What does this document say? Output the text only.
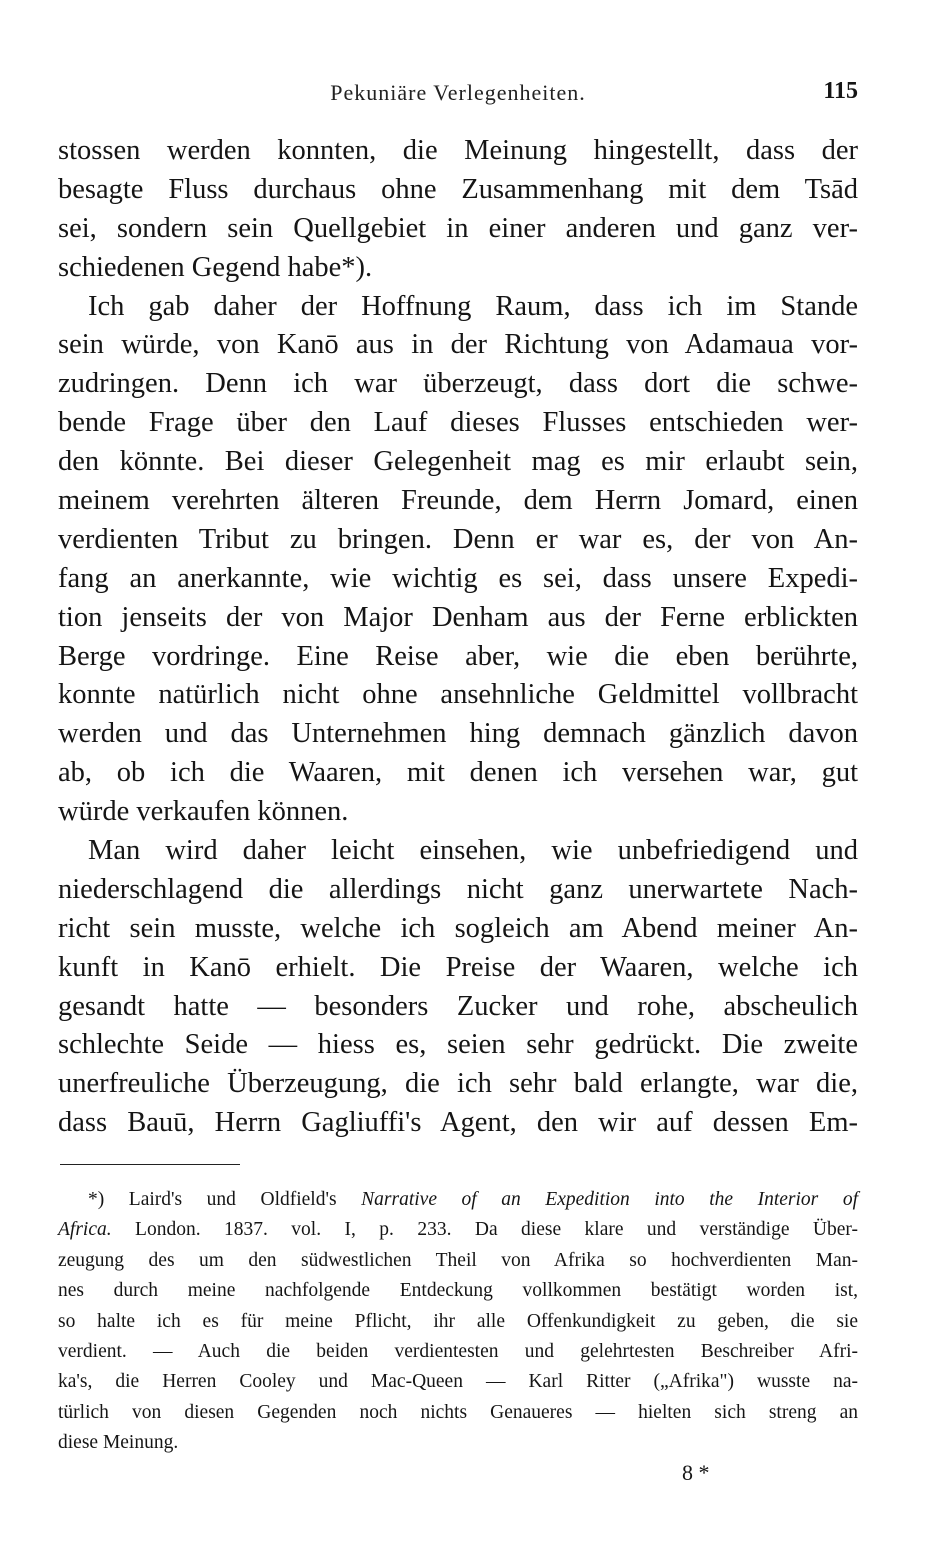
Pekuniäre Verlegenheiten.	115
stossen werden konnten, die Meinung hingestellt, dass der
besagte Fluss durchaus ohne Zusammenhang mit dem Tsād
sei, sondern sein Quellgebiet in einer anderen und ganz ver-
schiedenen Gegend habe*).
Ich gab daher der Hoffnung Raum, dass ich im Stande
sein würde, von Kanō aus in der Richtung von Adamaua vor-
zudringen. Denn ich war überzeugt, dass dort die schwe-
bende Frage über den Lauf dieses Flusses entschieden wer-
den könnte. Bei dieser Gelegenheit mag es mir erlaubt sein,
meinem verehrten älteren Freunde, dem Herrn Jomard, einen
verdienten Tribut zu bringen. Denn er war es, der von An-
fang an anerkannte, wie wichtig es sei, dass unsere Expedi-
tion jenseits der von Major Denham aus der Ferne erblickten
Berge vordringe. Eine Reise aber, wie die eben berührte,
konnte natürlich nicht ohne ansehnliche Geldmittel vollbracht
werden und das Unternehmen hing demnach gänzlich davon
ab, ob ich die Waaren, mit denen ich versehen war, gut
würde verkaufen können.
Man wird daher leicht einsehen, wie unbefriedigend und
niederschlagend die allerdings nicht ganz unerwartete Nach-
richt sein musste, welche ich sogleich am Abend meiner An-
kunft in Kanō erhielt. Die Preise der Waaren, welche ich
gesandt hatte — besonders Zucker und rohe, abscheulich
schlechte Seide — hiess es, seien sehr gedrückt. Die zweite
unerfreuliche Überzeugung, die ich sehr bald erlangte, war die,
dass Bauū, Herrn Gagliuffi's Agent, den wir auf dessen Em-
*) Laird's und Oldfield's Narrative of an Expedition into the Interior of
Africa. London. 1837. vol. I, p. 233. Da diese klare und verständige Über-
zeugung des um den südwestlichen Theil von Afrika so hochverdienten Man-
nes durch meine nachfolgende Entdeckung vollkommen bestätigt worden ist,
so halte ich es für meine Pflicht, ihr alle Offenkundigkeit zu geben, die sie
verdient. — Auch die beiden verdientesten und gelehrtesten Beschreiber Afri-
ka's, die Herren Cooley und Mac-Queen — Karl Ritter („Afrika") wusste na-
türlich von diesen Gegenden noch nichts Genaueres — hielten sich streng an
diese Meinung.
8 *
